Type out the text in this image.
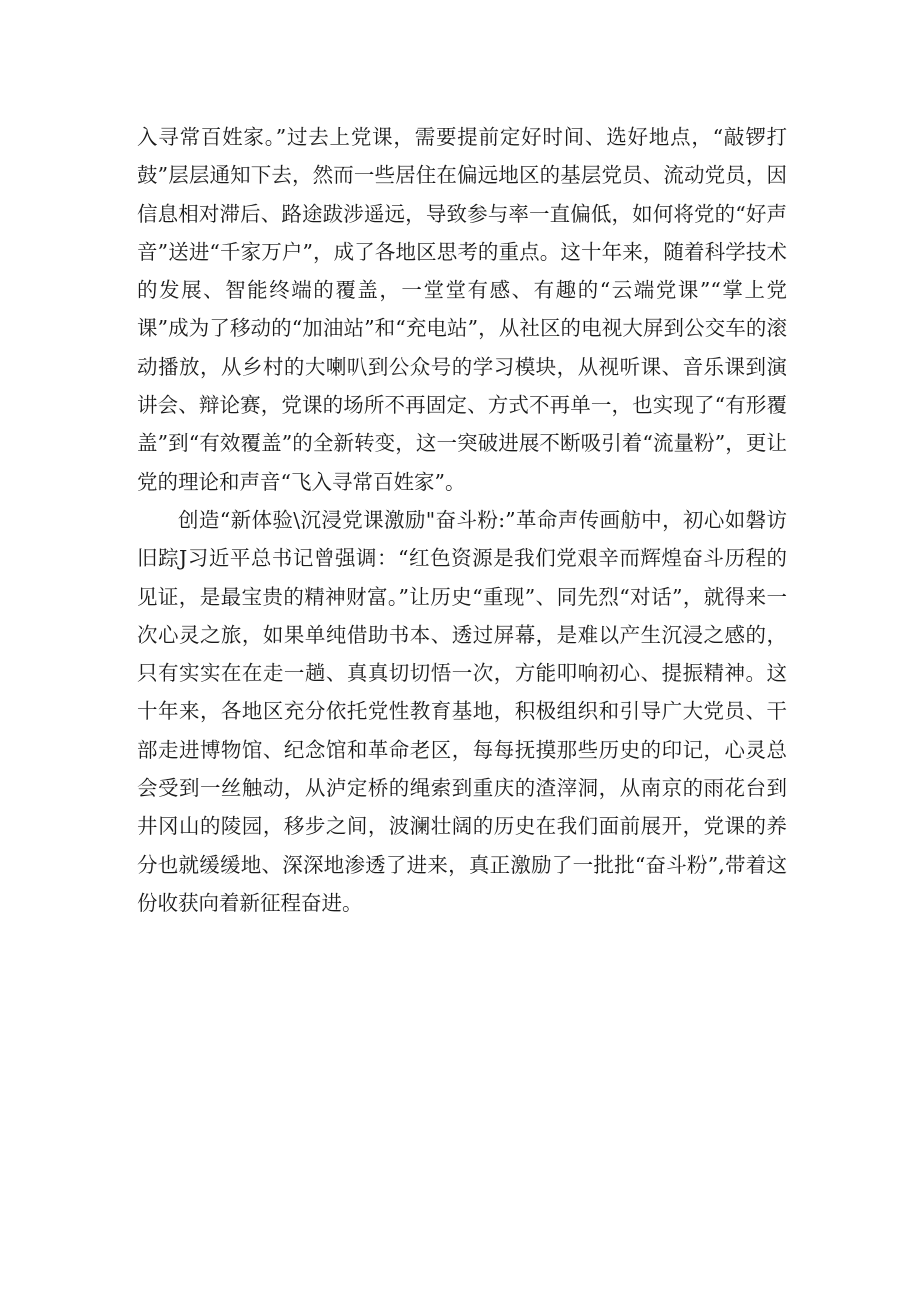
入寻常百姓家。”过去上党课，需要提前定好时间、选好地点，“敲锣打鼓”层层通知下去，然而一些居住在偏远地区的基层党员、流动党员，因信息相对滞后、路途跋涉遥远，导致参与率一直偏低，如何将党的“好声音”送进“千家万户”，成了各地区思考的重点。这十年来，随着科学技术的发展、智能终端的覆盖，一堂堂有感、有趣的“云端党课”“掌上党课”成为了移动的“加油站”和“充电站”，从社区的电视大屏到公交车的滚动播放，从乡村的大喇叭到公众号的学习模块，从视听课、音乐课到演讲会、辩论赛，党课的场所不再固定、方式不再单一，也实现了“有形覆盖”到“有效覆盖”的全新转变，这一突破进展不断吸引着“流量粉”，更让党的理论和声音“飞入寻常百姓家”。

创造“新体验\沉浸党课激励"奋斗粉:”革命声传画舫中，初心如磐访旧踪J习近平总书记曾强调：“红色资源是我们党艰辛而辉煌奋斗历程的见证，是最宝贵的精神财富。”让历史“重现”、同先烈“对话”，就得来一次心灵之旅，如果单纯借助书本、透过屏幕，是难以产生沉浸之感的，只有实实在在走一趟、真真切切悟一次，方能叩响初心、提振精神。这十年来，各地区充分依托党性教育基地，积极组织和引导广大党员、干部走进博物馆、纪念馆和革命老区，每每抚摸那些历史的印记，心灵总会受到一丝触动，从泸定桥的绳索到重庆的渣滓洞，从南京的雨花台到井冈山的陵园，移步之间，波澜壮阔的历史在我们面前展开，党课的养分也就缓缓地、深深地渗透了进来，真正激励了一批批“奋斗粉”,带着这份收获向着新征程奋进。
